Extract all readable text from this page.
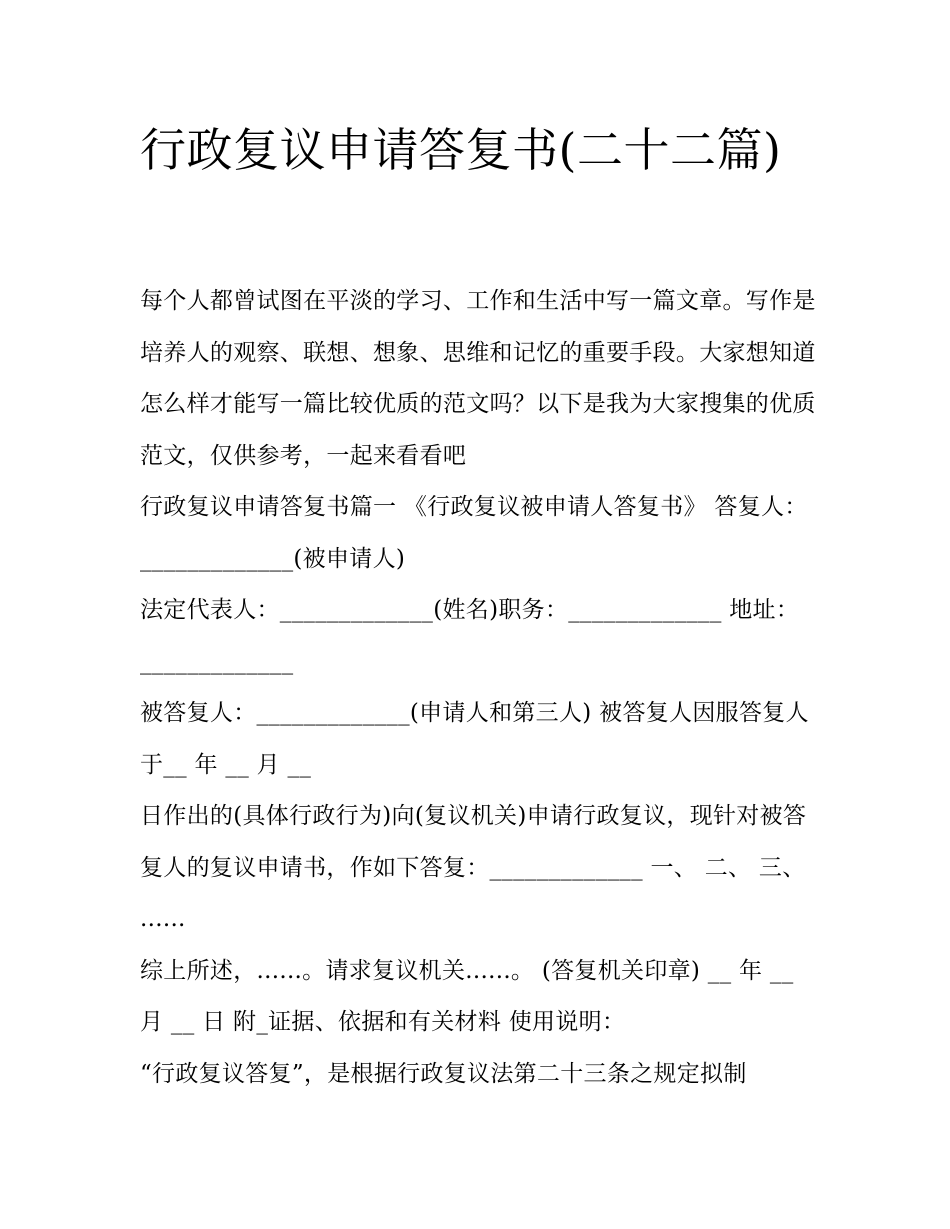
行政复议申请答复书(二十二篇)

每个人都曾试图在平淡的学习、工作和生活中写一篇文章。写作是培养人的观察、联想、想象、思维和记忆的重要手段。大家想知道怎么样才能写一篇比较优质的范文吗？以下是我为大家搜集的优质范文，仅供参考，一起来看看吧

行政复议申请答复书篇一 《行政复议被申请人答复书》 答复人：_____________(被申请人)

法定代表人：_____________(姓名)职务：_____________ 地址：_____________

被答复人：_____________(申请人和第三人) 被答复人因服答复人于__ 年 __ 月 __

日作出的(具体行政行为)向(复议机关)申请行政复议，现针对被答复人的复议申请书，作如下答复：_____________ 一、 二、 三、 ......

综上所述，......。请求复议机关......。 (答复机关印章) __ 年 __ 月 __ 日 附_证据、依据和有关材料 使用说明：

“行政复议答复”，是根据行政复议法第二十三条之规定拟制
